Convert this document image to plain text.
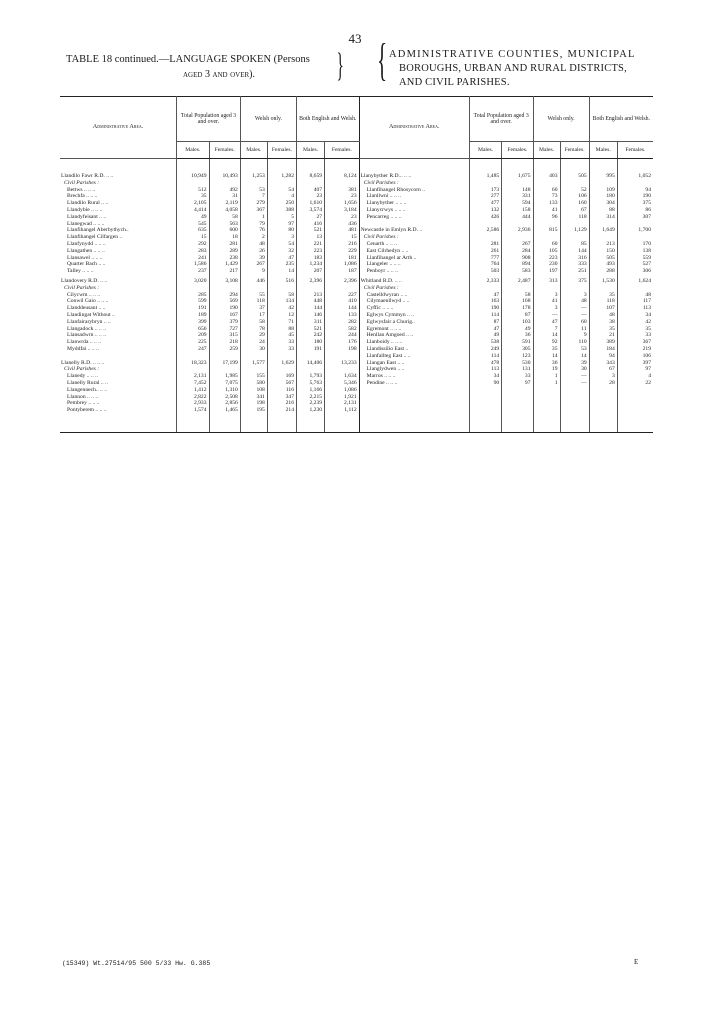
43
TABLE 18 continued.—LANGUAGE SPOKEN (Persons
aged 3 and over).	} { ADMINISTRATIVE COUNTIES, MUNICIPAL
BOROUGHS, URBAN AND RURAL DISTRICTS,
AND CIVIL PARISHES.
Administrative Area.	Total Population aged 3 and over.		Welsh only.		Both English and Welsh.		Administrative Area.	Total Population aged 3 and over.		Welsh only.		Both English and Welsh.	
	Males.	Females.	Males.	Females.	Males.	Females.		Males.	Females.	Males.	Females.	Males.	Females.

Llandilo Fawr R.D. .. ..	10,949	10,493	1,253	1,282	8,659	8,124	Llanybyther R.D... .. ..	1,485	1,675	403	505	995	1,052
Civil Parishes :							Civil Parishes :						
Bettws .. .. ..	512	492	53	54	407	381	Llanfihangel Rhosycorn ..	173	148	60	52	109	94
Brechfa .. .. ..	35	31	7	4	23	23	Llanllwni .. .. ..	277	331	73	106	180	190
Llandilo Rural .. ..	2,105	2,119	279	250	1,610	1,656	Llanybyther .. .. ..	477	594	133	160	304	375
Llandybie .. .. ..	4,414	4,058	367	388	3,574	3,184	Llanycrwys .. .. ..	132	158	41	67	88	86
Llandyfeisant .. ..	49	58	1	5	27	23	Pencarreg .. .. ..	426	444	96	118	314	307
Llanegwad .. .. ..	545	563	79	97	416	436							
Llanfihangel Aberbythych..	635	600	76	80	521	481	Newcastle in Emlyn R.D. ..	2,586	2,936	815	1,129	1,649	1,700
Llanfihangel Cilfargen ..	15	18	2	3	13	15	Civil Parishes :						
Llanfynydd .. .. ..	292	281	48	54	221	216	Cenarth .. .. ..	281	267	60	85	213	170
Llangathen .. .. ..	283	289	26	32	223	229	East Cilrhedyn .. ..	261	284	105	144	150	138
Llansawel .. .. ..	241	238	39	47	183	181	Llanfihangel ar Arth ..	777	908	223	316	505	559
Quarter Bach .. ..	1,586	1,429	267	235	1,234	1,086	Llangeler .. .. ..	764	894	230	333	493	527
Talley .. .. ..	237	217	9	14	207	187	Penboyr .. .. ..	503	583	197	251	288	306

Llandovery R.D. .. ..	3,020	3,108	446	516	2,396	2,396	Whitland R.D. .. ..	2,333	2,487	313	375	1,530	1,624
Civil Parishes :							Civil Parishes :						
Cilycwm .. .. ..	285	294	55	58	213	227	Castelldwyran .. ..	47	58	3	3	35	48
Conwil Gaio .. .. ..	599	569	118	134	448	410	Cilymaenllwyd .. ..	163	168	41	48	118	117
Llanddeusant .. ..	191	190	37	42	144	144	Cyffic .. .. ..	190	178	3	—	107	113
Llandingat Without ..	189	167	17	12	146	133	Eglwys Cymmyn .. ..	114	87	—	—	48	34
Llanfairarybryn .. ..	399	379	58	71	311	282	Eglwysfair a Churig..	87	103	47	60	38	42
Llangadock .. .. ..	656	727	78	88	521	582	Egremont .. .. ..	47	49	7	11	35	35
Llansadwrn .. .. ..	209	315	29	45	242	244	Henllan Amgoed .. ..	49	36	14	9	21	33
Llanwrda .. .. ..	225	218	24	33	180	176	Llanboidy .. .. ..	538	591	92	110	389	367
Myddfai .. .. ..	247	259	30	33	191	198	Llandissilio East ..	249	305	35	53	184	219
							Llanfallteg East .. ..	114	123	14	14	94	106
Llanelly R.D. .. .. ..	18,323	17,199	1,577	1,629	14,406	13,233	Llangan East .. ..	478	530	36	39	343	397
Civil Parishes :							Llanglydwen .. ..	113	131	19	30	67	97
Llanedy .. .. ..	2,131	1,985	155	169	1,793	1,634	Marros .. .. ..	34	33	1	—	3	4
Llanelly Rural .. ..	7,452	7,075	580	567	5,763	5,346	Pendine .. .. ..	90	97	1	—	28	22
Llangennech.. .. ..	1,412	1,310	108	116	1,166	1,086							
Llannon .. .. ..	2,822	2,508	341	347	2,215	1,921							
Pembrey .. .. ..	2,933	2,856	198	216	2,239	2,131							
Pontyberem .. .. ..	1,574	1,465	195	214	1,230	1,112							

(15349) Wt.27514/95 500 5/33 Hw. G.385	E
